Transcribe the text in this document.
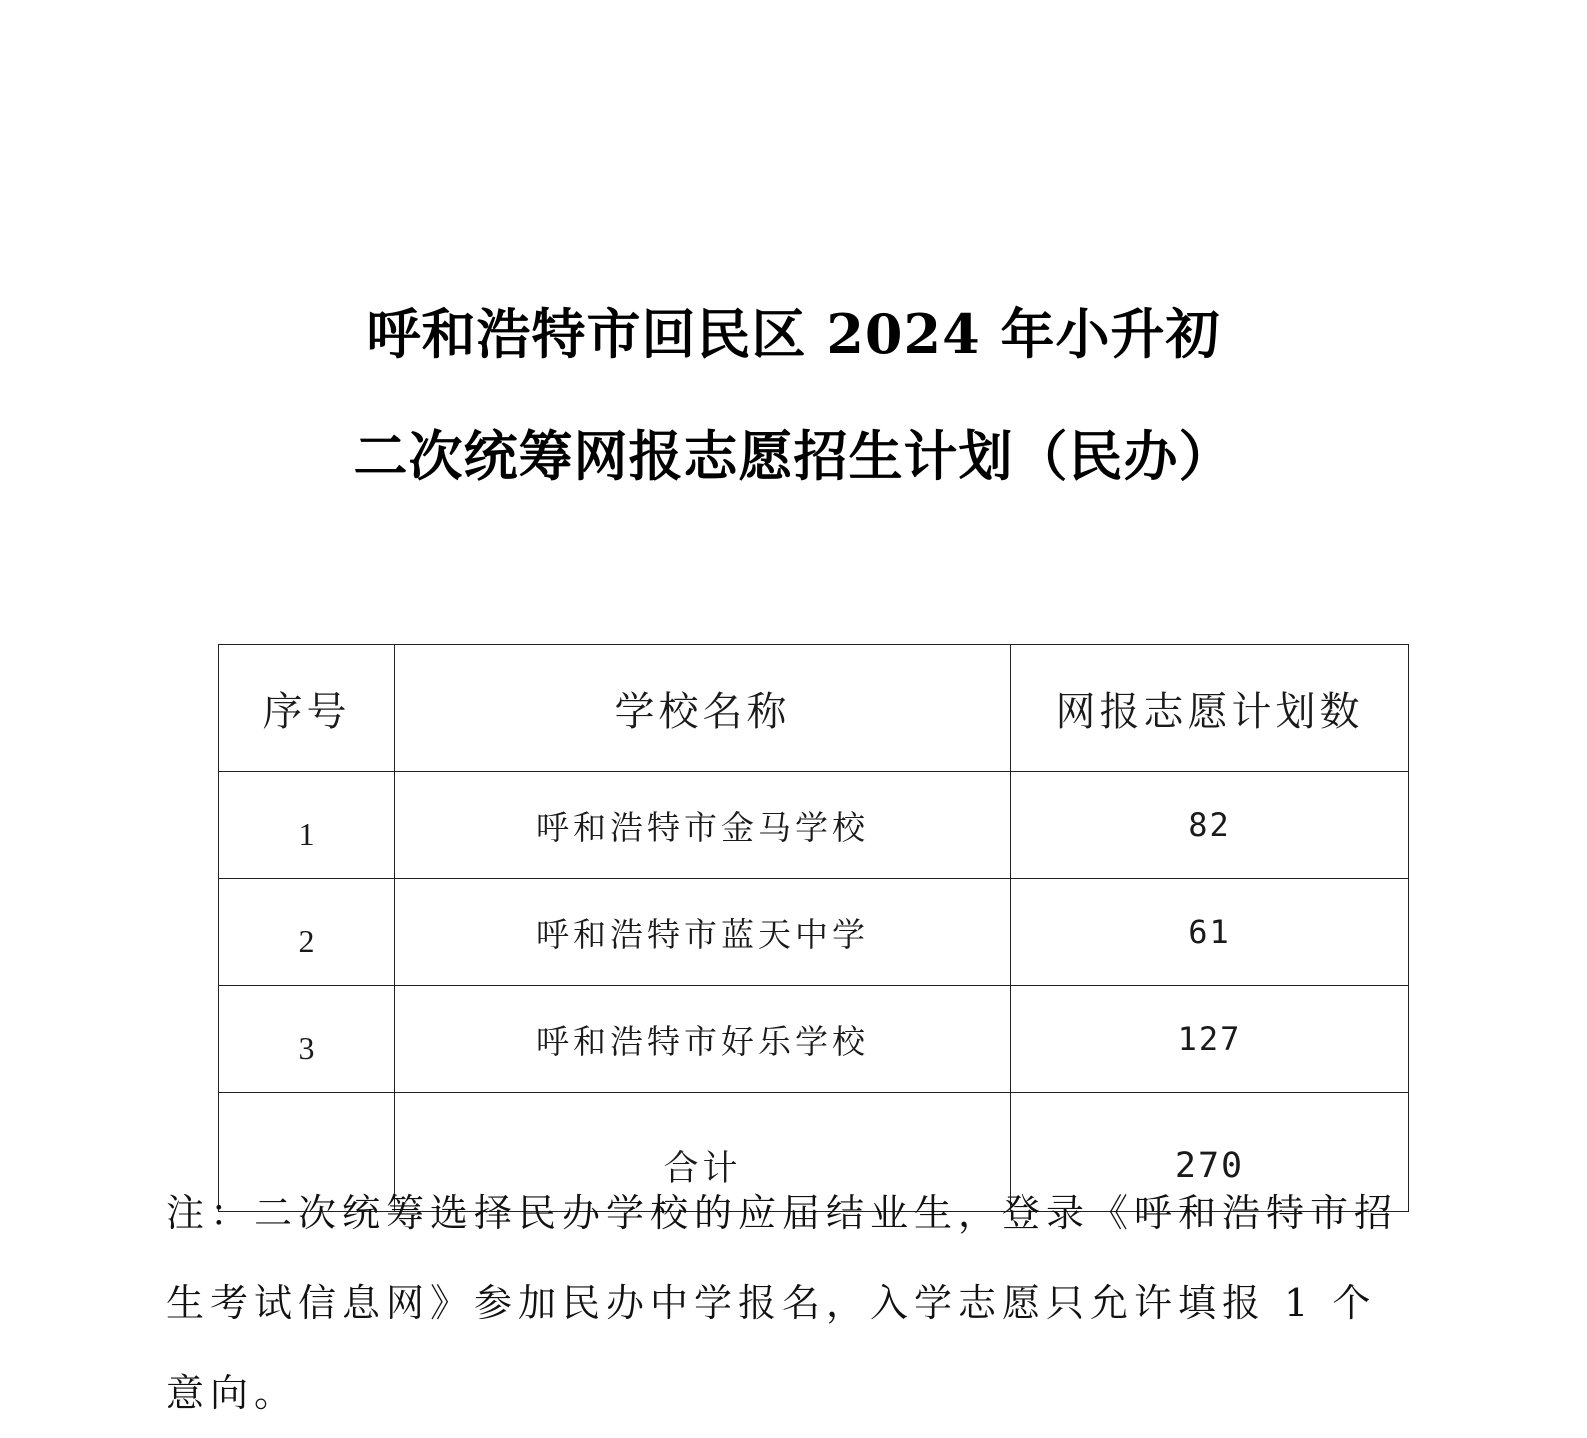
呼和浩特市回民区 2024 年小升初
二次统筹网报志愿招生计划（民办）
序号	学校名称	网报志愿计划数
1	呼和浩特市金马学校	82
2	呼和浩特市蓝天中学	61
3	呼和浩特市好乐学校	127
	合计	270
注：二次统筹选择民办学校的应届结业生，登录《呼和浩特市招生考试信息网》参加民办中学报名，入学志愿只允许填报 1 个意向。
